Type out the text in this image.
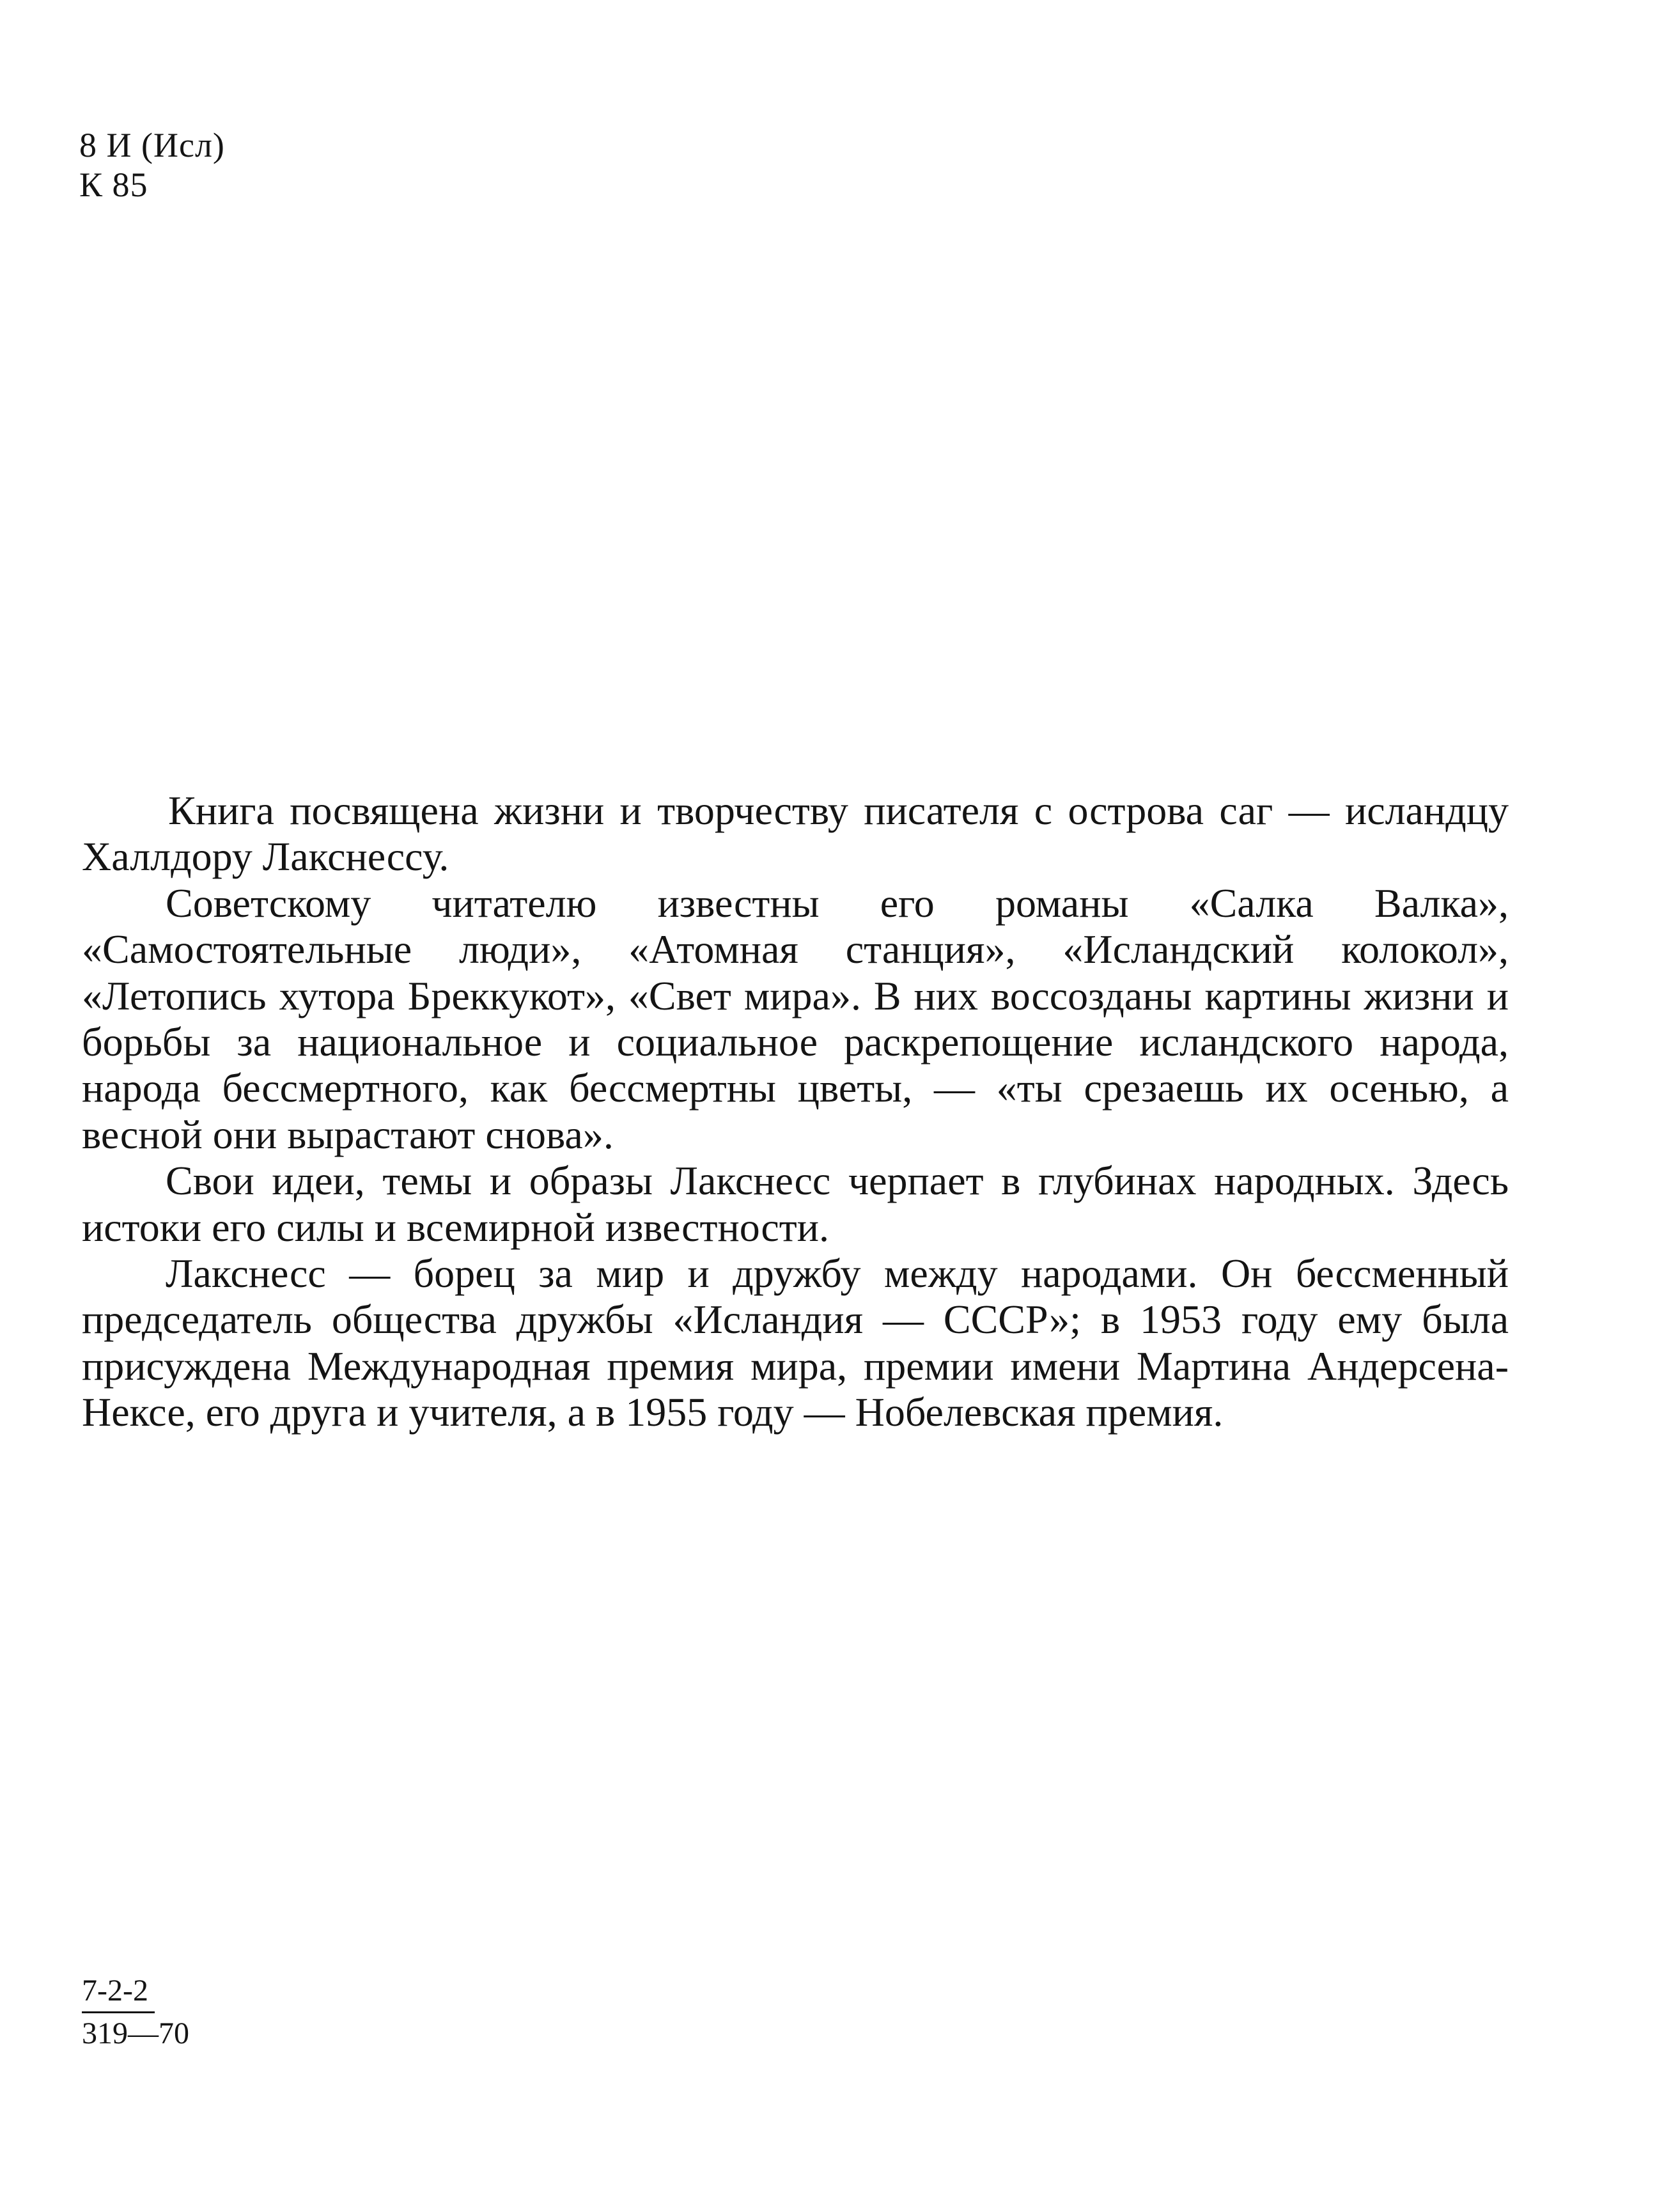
8 И (Исл)
К 85

Книга посвящена жизни и творчеству писателя с острова саг — исландцу Халлдору Лакснессу.

Советскому читателю известны его романы «Салка Валка», «Самостоятельные люди», «Атомная станция», «Исландский колокол», «Летопись хутора Бреккукот», «Свет мира». В них воссозданы картины жизни и борьбы за национальное и социальное раскрепощение исландского народа, народа бессмертного, как бессмертны цветы, — «ты срезаешь их осенью, а весной они вырастают снова».

Свои идеи, темы и образы Лакснесс черпает в глубинах народных. Здесь истоки его силы и всемирной известности.

Лакснесс — борец за мир и дружбу между народами. Он бессменный председатель общества дружбы «Исландия — СССР»; в 1953 году ему была присуждена Международная премия мира, премии имени Мартина Андерсена-Нексе, его друга и учителя, а в 1955 году — Нобелевская премия.

$\frac{7-2-2}{319—70}$
